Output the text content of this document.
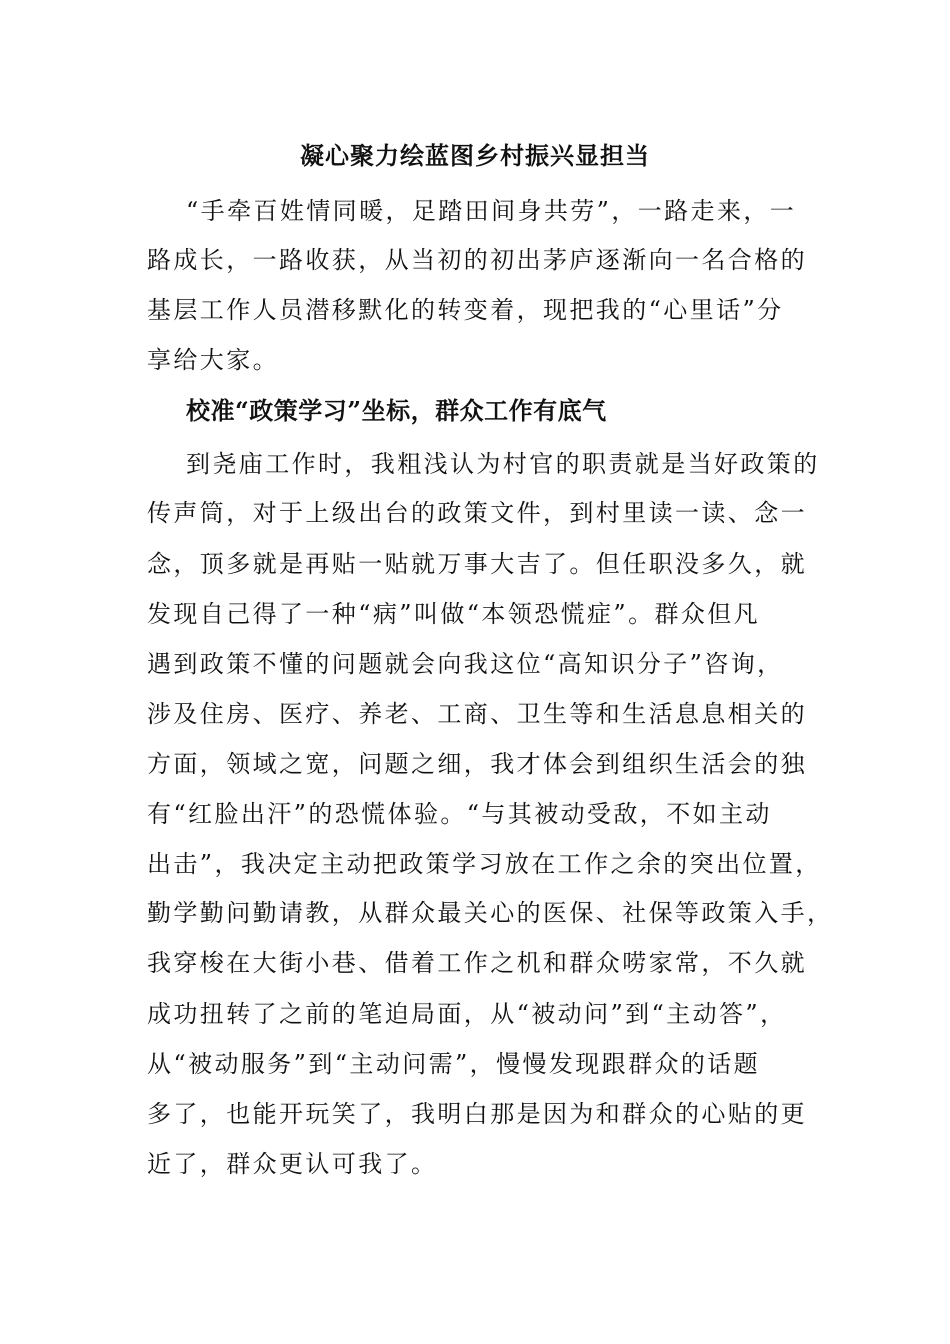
凝心聚力绘蓝图乡村振兴显担当
“手牵百姓情同暖，足踏田间身共劳”，一路走来，一
路成长，一路收获，从当初的初出茅庐逐渐向一名合格的
基层工作人员潜移默化的转变着，现把我的“心里话”分
享给大家。
校准“政策学习”坐标，群众工作有底气
到尧庙工作时，我粗浅认为村官的职责就是当好政策的
传声筒，对于上级出台的政策文件，到村里读一读、念一
念，顶多就是再贴一贴就万事大吉了。但任职没多久，就
发现自己得了一种“病”叫做“本领恐慌症”。群众但凡
遇到政策不懂的问题就会向我这位“高知识分子”咨询，
涉及住房、医疗、养老、工商、卫生等和生活息息相关的
方面，领域之宽，问题之细，我才体会到组织生活会的独
有“红脸出汗”的恐慌体验。“与其被动受敌，不如主动
出击”，我决定主动把政策学习放在工作之余的突出位置，
勤学勤问勤请教，从群众最关心的医保、社保等政策入手，
我穿梭在大街小巷、借着工作之机和群众唠家常，不久就
成功扭转了之前的笔迫局面，从“被动问”到“主动答”，
从“被动服务”到“主动问需”，慢慢发现跟群众的话题
多了，也能开玩笑了，我明白那是因为和群众的心贴的更
近了，群众更认可我了。
